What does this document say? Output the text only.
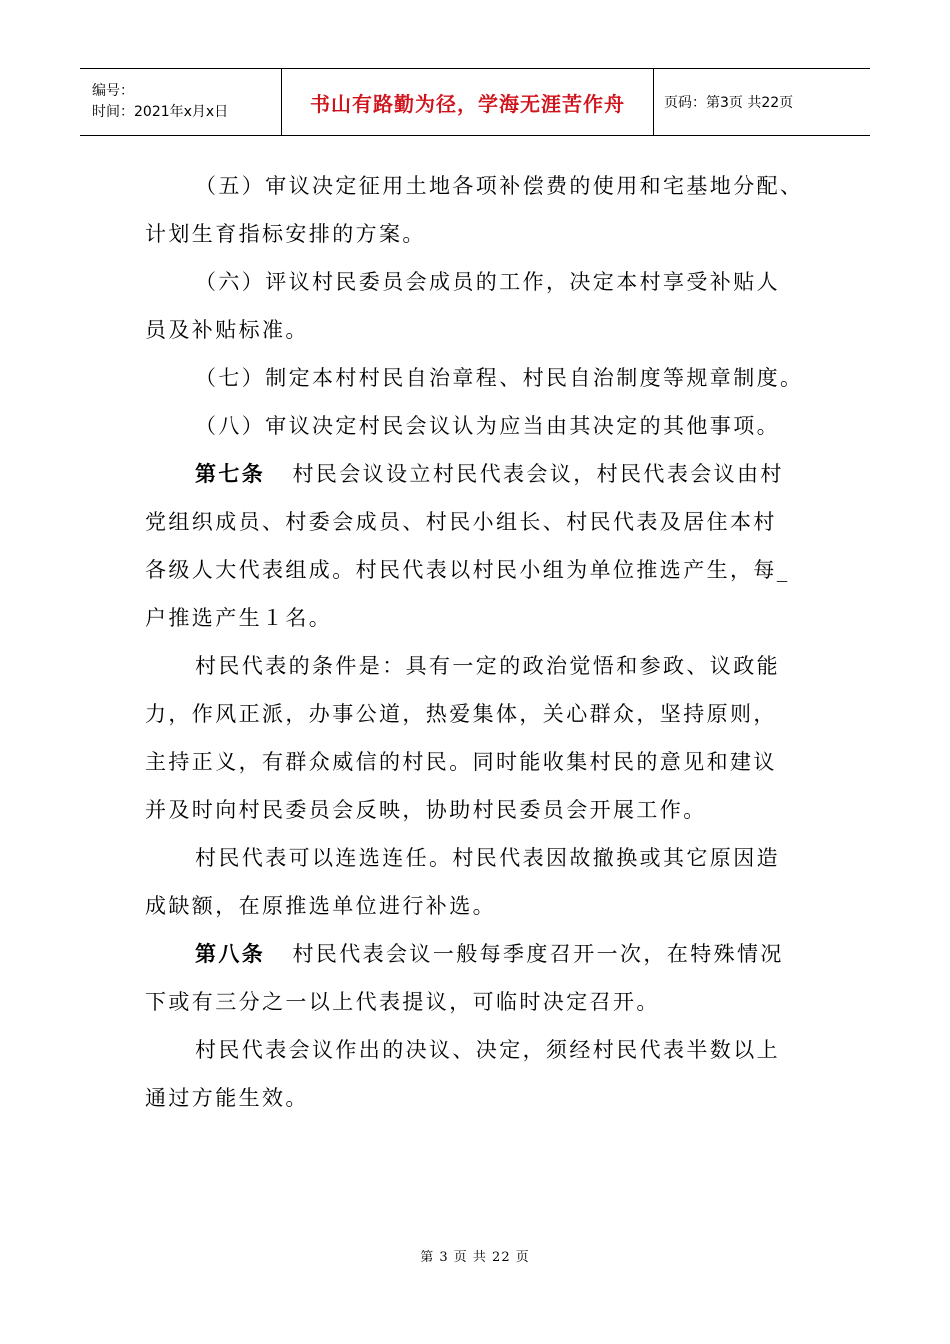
编号：
时间：2021年x月x日	书山有路勤为径，学海无涯苦作舟	页码：第3页 共22页
（五）审议决定征用土地各项补偿费的使用和宅基地分配、
计划生育指标安排的方案。
（六）评议村民委员会成员的工作，决定本村享受补贴人
员及补贴标准。
（七）制定本村村民自治章程、村民自治制度等规章制度。
（八）审议决定村民会议认为应当由其决定的其他事项。
第七条 村民会议设立村民代表会议，村民代表会议由村
党组织成员、村委会成员、村民小组长、村民代表及居住本村
各级人大代表组成。村民代表以村民小组为单位推选产生，每_
户推选产生１名。
村民代表的条件是：具有一定的政治觉悟和参政、议政能
力，作风正派，办事公道，热爱集体，关心群众，坚持原则，
主持正义，有群众威信的村民。同时能收集村民的意见和建议
并及时向村民委员会反映，协助村民委员会开展工作。
村民代表可以连选连任。村民代表因故撤换或其它原因造
成缺额，在原推选单位进行补选。
第八条 村民代表会议一般每季度召开一次，在特殊情况
下或有三分之一以上代表提议，可临时决定召开。
村民代表会议作出的决议、决定，须经村民代表半数以上
通过方能生效。
第 3 页 共 22 页
